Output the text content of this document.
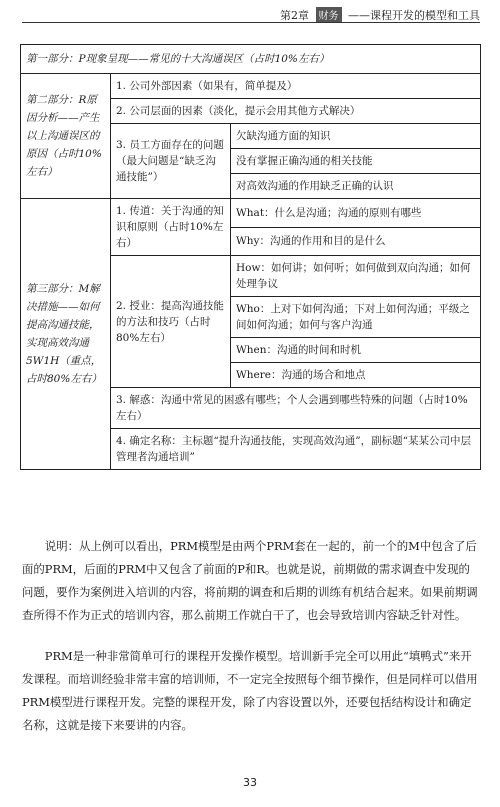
第2章 财务 ——课程开发的模型和工具
第一部分：P现象呈现——常见的十大沟通误区（占时10%左右）		
第二部分：R原因分析——产生以上沟通误区的原因（占时10%左右）	1. 公司外部因素（如果有，简单提及）	
	2. 公司层面的因素（淡化，提示会用其他方式解决）	
	3. 员工方面存在的问题（最大问题是“缺乏沟通技能”）	欠缺沟通方面的知识
		没有掌握正确沟通的相关技能
		对高效沟通的作用缺乏正确的认识
第三部分：M解决措施——如何提高沟通技能，实现高效沟通5W1H（重点，占时80%左右）	1. 传道：关于沟通的知识和原则（占时10%左右）	What：什么是沟通；沟通的原则有哪些
		Why：沟通的作用和目的是什么
	2. 授业：提高沟通技能的方法和技巧（占时80%左右）	How：如何讲；如何听；如何做到双向沟通；如何处理争议
		Who：上对下如何沟通；下对上如何沟通；平级之间如何沟通；如何与客户沟通
		When：沟通的时间和时机
		Where：沟通的场合和地点
	3. 解惑：沟通中常见的困惑有哪些；个人会遇到哪些特殊的问题（占时10%左右）	
	4. 确定名称：主标题“提升沟通技能，实现高效沟通”，副标题“某某公司中层管理者沟通培训”	

说明：从上例可以看出，PRM模型是由两个PRM套在一起的，前一个的M中包含了后面的PRM，后面的PRM中又包含了前面的P和R。也就是说，前期做的需求调查中发现的问题，要作为案例进入培训的内容，将前期的调查和后期的训练有机结合起来。如果前期调查所得不作为正式的培训内容，那么前期工作就白干了，也会导致培训内容缺乏针对性。

PRM是一种非常简单可行的课程开发操作模型。培训新手完全可以用此“填鸭式”来开发课程。而培训经验非常丰富的培训师，不一定完全按照每个细节操作，但是同样可以借用PRM模型进行课程开发。完整的课程开发，除了内容设置以外，还要包括结构设计和确定名称，这就是接下来要讲的内容。

33
